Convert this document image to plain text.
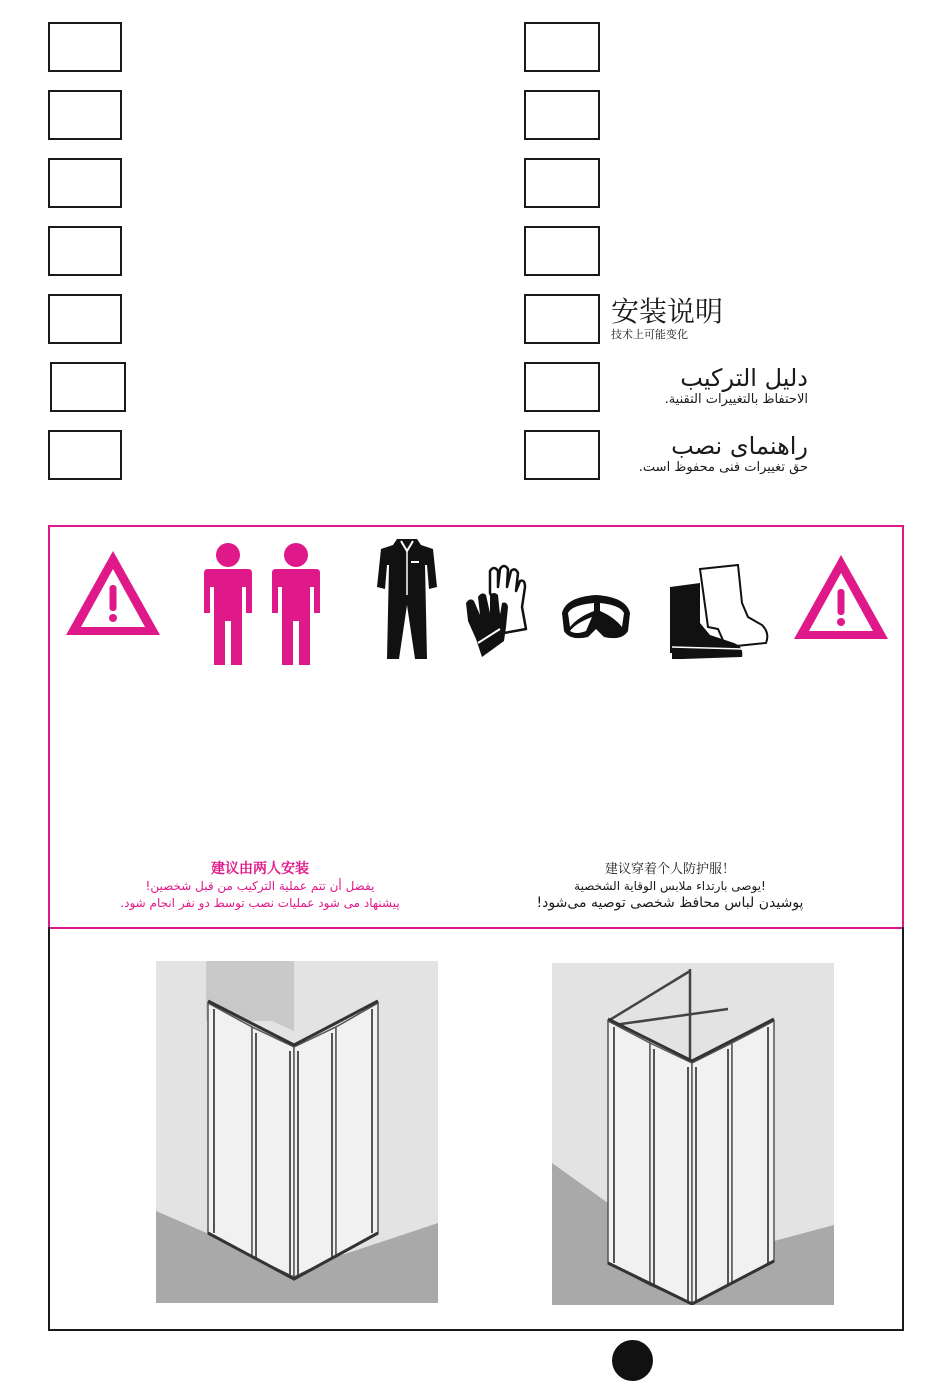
安装说明
技术上可能变化
دليل التركيب
الاحتفاظ بالتغييرات التقنية.
راهنمای نصب
حق تغییرات فنی محفوظ است.
建议由两人安装
يفضل أن تتم عملية التركيب من قبل شخصين!
پیشنهاد می شود عملیات نصب توسط دو نفر انجام شود.
建议穿着个人防护服！
!يوصى بارتداء ملابس الوقاية الشخصية
پوشیدن لباس محافظ شخصی توصیه می‌شود!
